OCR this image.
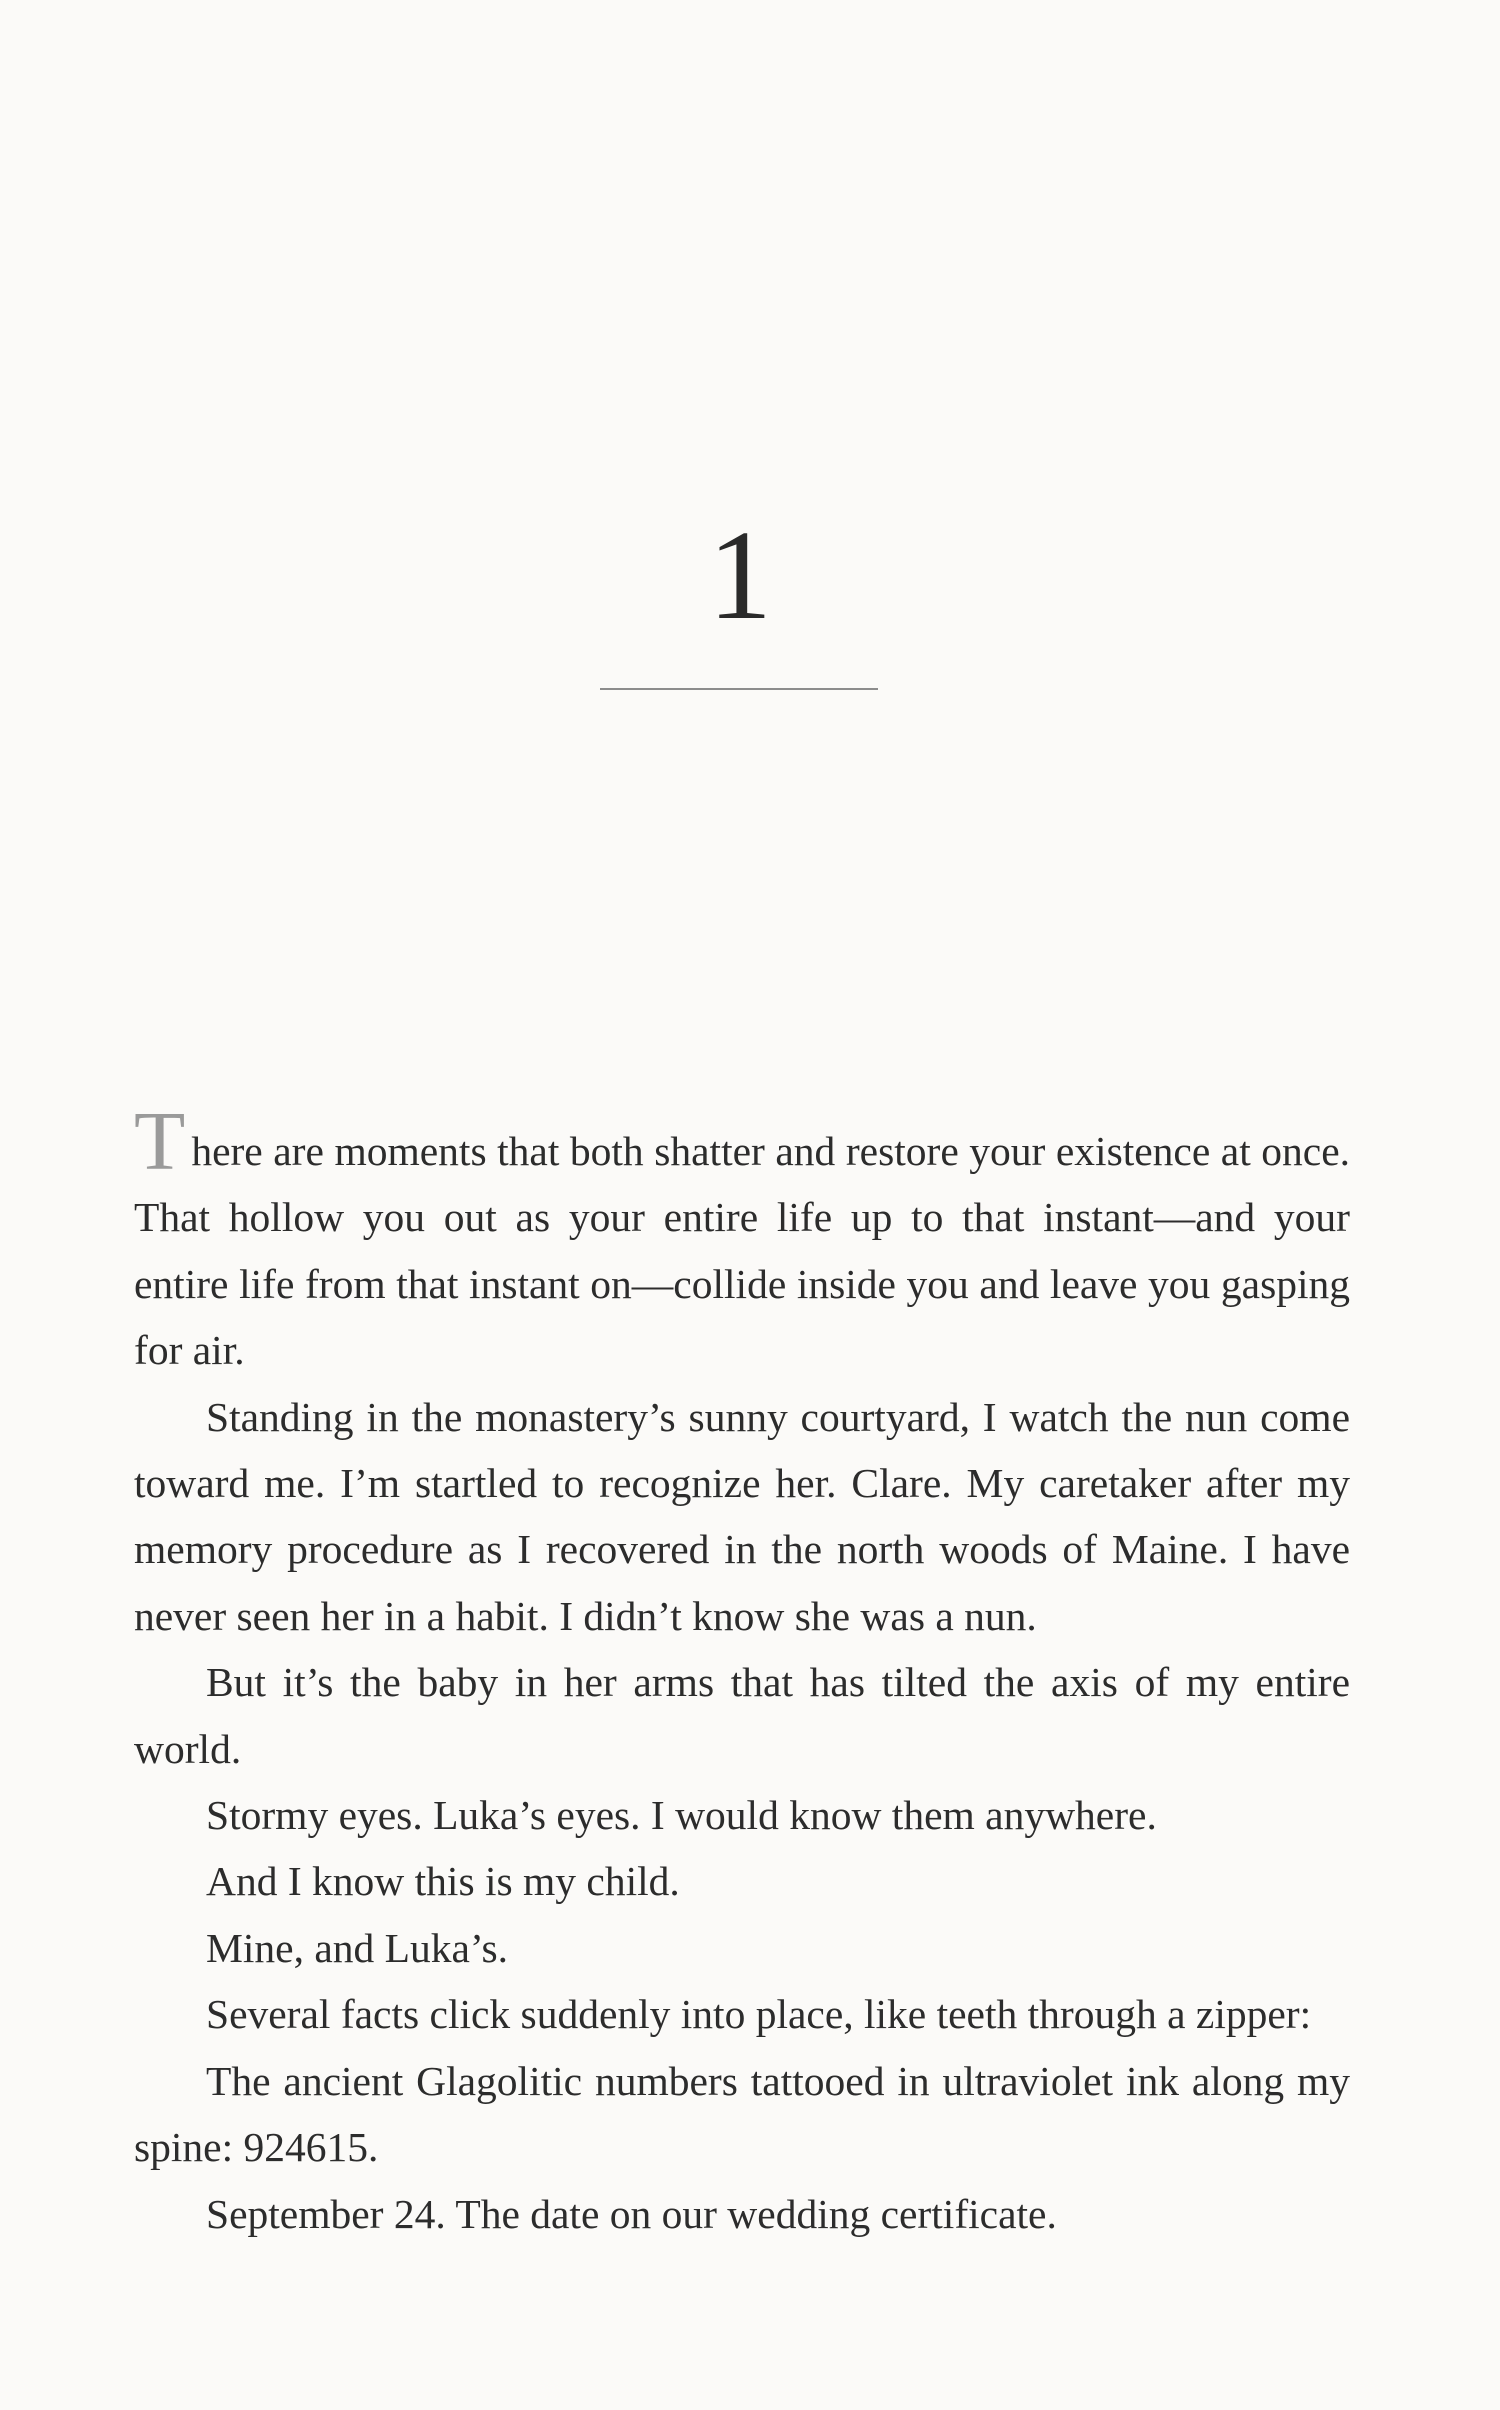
1

There are moments that both shatter and restore your existence at once. That hollow you out as your entire life up to that instant—and your entire life from that instant on—collide inside you and leave you gasping for air.

Standing in the monastery’s sunny courtyard, I watch the nun come toward me. I’m startled to recognize her. Clare. My caretaker after my memory procedure as I recovered in the north woods of Maine. I have never seen her in a habit. I didn’t know she was a nun.

But it’s the baby in her arms that has tilted the axis of my entire world.

Stormy eyes. Luka’s eyes. I would know them anywhere.

And I know this is my child.

Mine, and Luka’s.

Several facts click suddenly into place, like teeth through a zipper:

The ancient Glagolitic numbers tattooed in ultraviolet ink along my spine: 924615.

September 24. The date on our wedding certificate.
